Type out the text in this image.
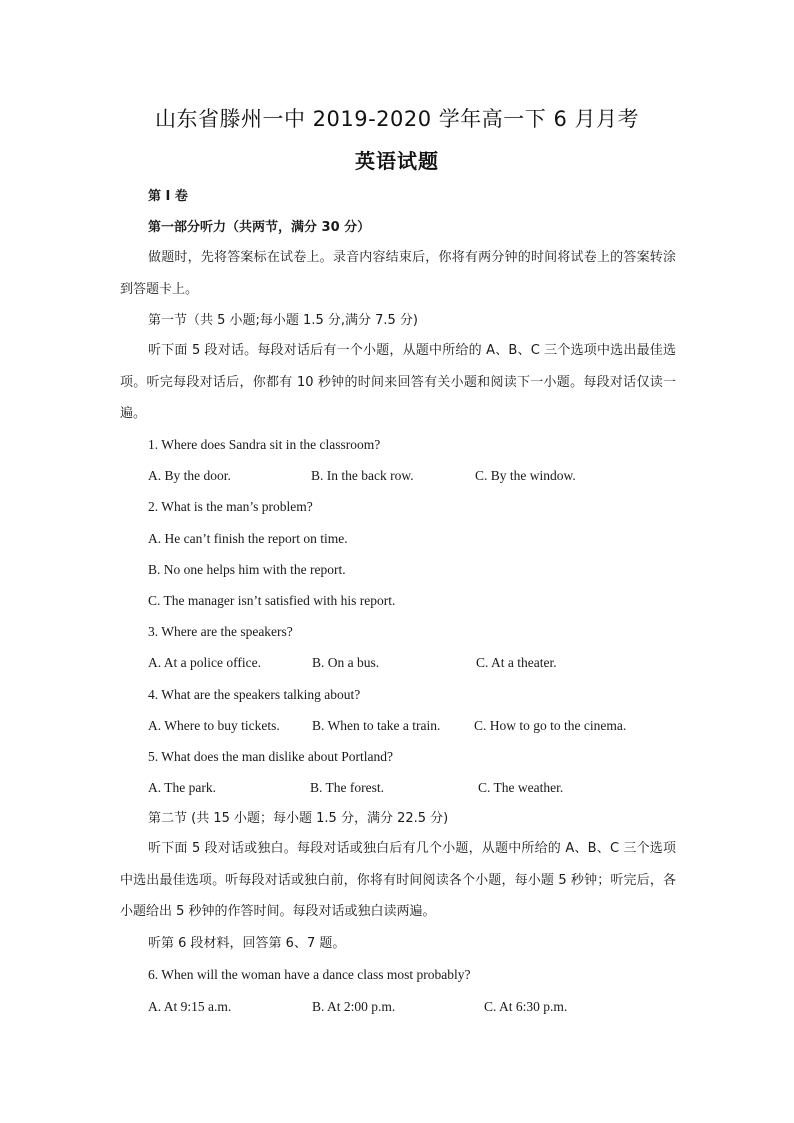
山东省滕州一中 2019-2020 学年高一下 6 月月考
英语试题
第 I 卷
第一部分听力（共两节，满分 30 分）
做题时，先将答案标在试卷上。录音内容结束后，你将有两分钟的时间将试卷上的答案转涂到答题卡上。
第一节（共 5 小题;每小题 1.5 分,满分 7.5 分)
听下面 5 段对话。每段对话后有一个小题，从题中所给的 A、B、C 三个选项中选出最佳选项。听完每段对话后，你都有 10 秒钟的时间来回答有关小题和阅读下一小题。每段对话仅读一遍。
1. Where does Sandra sit in the classroom?
A. By the door.	B. In the back row.	C. By the window.
2. What is the man’s problem?
A. He can’t finish the report on time.
B. No one helps him with the report.
C. The manager isn’t satisfied with his report.
3. Where are the speakers?
A. At a police office.	B. On a bus.	C. At a theater.
4. What are the speakers talking about?
A. Where to buy tickets. B. When to take a train. C. How to go to the cinema.
5. What does the man dislike about Portland?
A. The park.	B. The forest.	C. The weather.
第二节 (共 15 小题；每小题 1.5 分，满分 22.5 分)
听下面 5 段对话或独白。每段对话或独白后有几个小题，从题中所给的 A、B、C 三个选项中选出最佳选项。听每段对话或独白前，你将有时间阅读各个小题，每小题 5 秒钟；听完后，各小题给出 5 秒钟的作答时间。每段对话或独白读两遍。
听第 6 段材料，回答第 6、7 题。
6. When will the woman have a dance class most probably?
A. At 9:15 a.m.	B. At 2:00 p.m.	C. At 6:30 p.m.
